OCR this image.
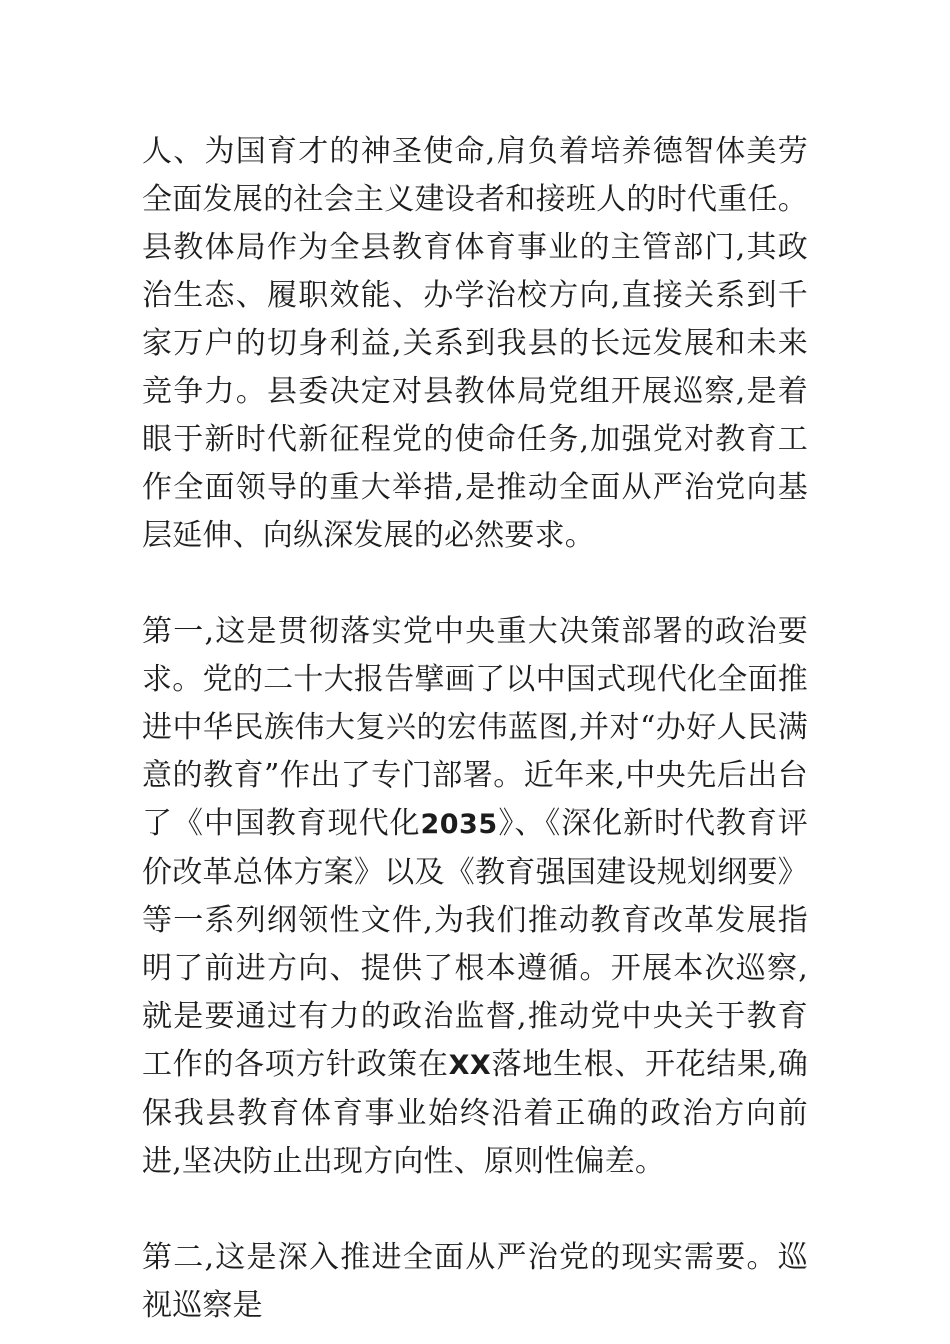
人、为国育才的神圣使命,肩负着培养德智体美劳全面发展的社会主义建设者和接班人的时代重任。县教体局作为全县教育体育事业的主管部门,其政治生态、履职效能、办学治校方向,直接关系到千家万户的切身利益,关系到我县的长远发展和未来竞争力。县委决定对县教体局党组开展巡察,是着眼于新时代新征程党的使命任务,加强党对教育工作全面领导的重大举措,是推动全面从严治党向基层延伸、向纵深发展的必然要求。

第一,这是贯彻落实党中央重大决策部署的政治要求。党的二十大报告擘画了以中国式现代化全面推进中华民族伟大复兴的宏伟蓝图,并对“办好人民满意的教育”作出了专门部署。近年来,中央先后出台了《中国教育现代化2035》、《深化新时代教育评价改革总体方案》以及《教育强国建设规划纲要》等一系列纲领性文件,为我们推动教育改革发展指明了前进方向、提供了根本遵循。开展本次巡察,就是要通过有力的政治监督,推动党中央关于教育工作的各项方针政策在XX落地生根、开花结果,确保我县教育体育事业始终沿着正确的政治方向前进,坚决防止出现方向性、原则性偏差。

第二,这是深入推进全面从严治党的现实需要。巡视巡察是
